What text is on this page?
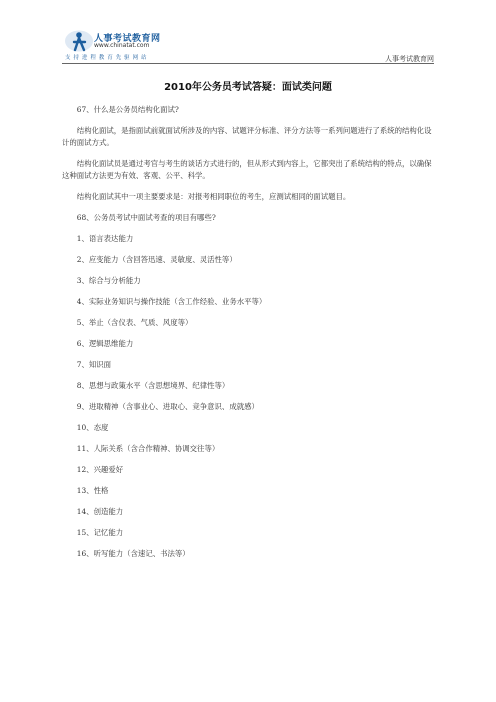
人事考试教育网
www.chinatat.com
支 持 进 程 教 育 先 驱 网 站	人事考试教育网
2010年公务员考试答疑：面试类问题

67、什么是公务员结构化面试?

结构化面试，是指面试前就面试所涉及的内容、试题评分标准、评分方法等一系列问题进行了系统的结构化设计的面试方式。

结构化面试员是通过考官与考生的谈话方式进行的，但从形式到内容上，它都突出了系统结构的特点，以确保这种面试方法更为有效、客观、公平、科学。

结构化面试其中一项主要要求是：对报考相同职位的考生，应测试相同的面试题目。

68、公务员考试中面试考查的项目有哪些?

1、语言表达能力

2、应变能力（含回答迅速、灵敏度、灵活性等）

3、综合与分析能力

4、实际业务知识与操作技能（含工作经验、业务水平等）

5、举止（含仪表、气质、风度等）

6、逻辑思维能力

7、知识面

8、思想与政策水平（含思想境界、纪律性等）

9、进取精神（含事业心、进取心、竞争意识、成就感）

10、态度

11、人际关系（含合作精神、协调交往等）

12、兴趣爱好

13、性格

14、创造能力

15、记忆能力

16、听写能力（含速记、书法等）
